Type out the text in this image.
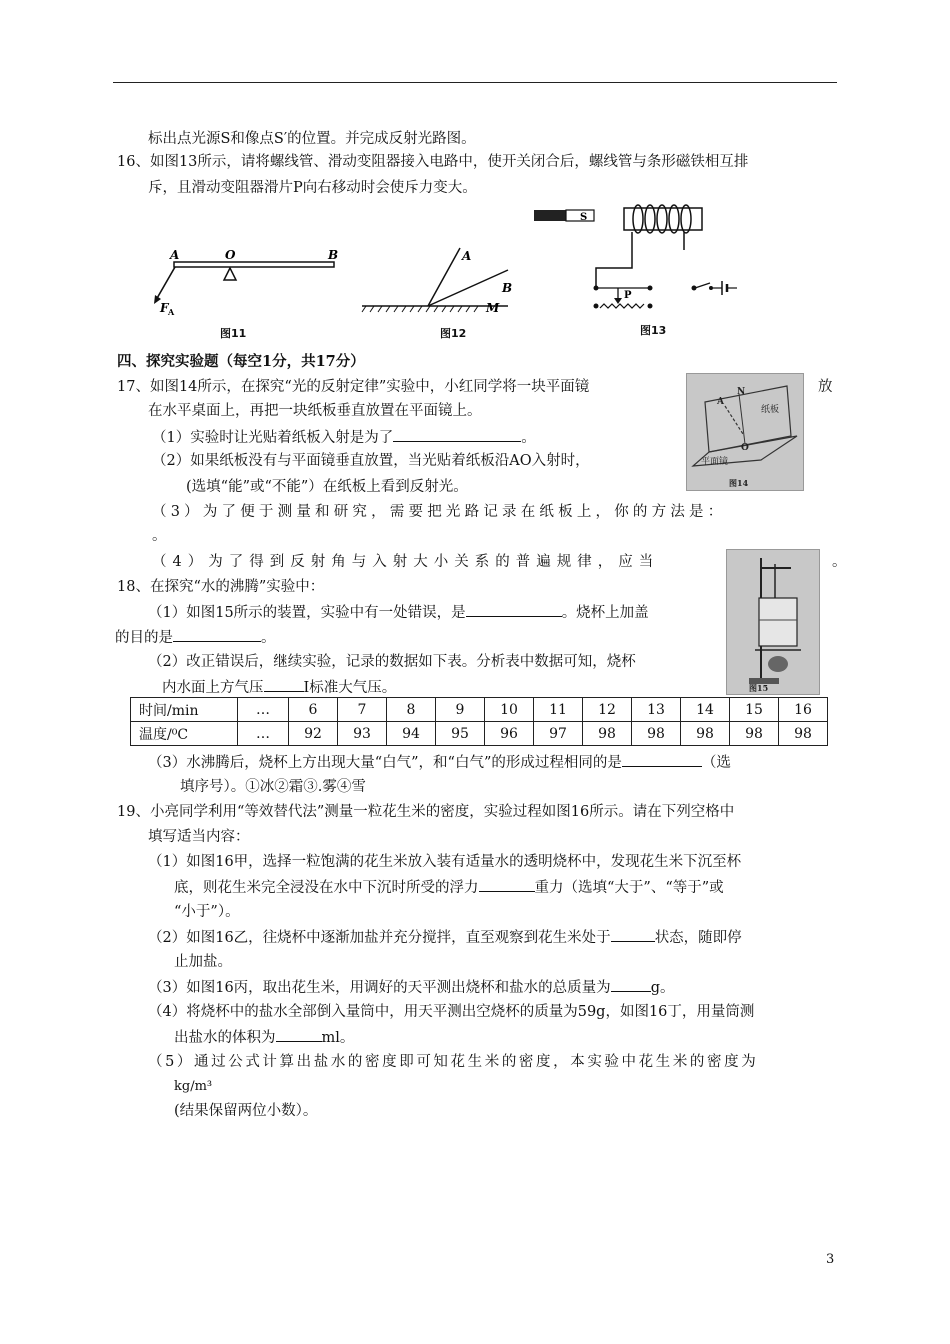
标出点光源S和像点S′的位置。并完成反射光路图。
16、如图13所示，请将螺线管、滑动变阻器接入电路中，使开关闭合后，螺线管与条形磁铁相互排
斥，且滑动变阻器滑片P向右移动时会使斥力变大。
A	O	B
F A
图11
A
B
M
图12
S
P
图13
四、探究实验题（每空1分，共17分）
17、如图14所示，在探究“光的反射定律”实验中，小红同学将一块平面镜	放
A
N
O
纸板
平面镜
图14
在水平桌面上，再把一块纸板垂直放置在平面镜上。
（1）实验时让光贴着纸板入射是为了	。
（2）如果纸板没有与平面镜垂直放置，当光贴着纸板沿AO入射时，
(选填“能”或“不能”）在纸板上看到反射光。
（3）为了便于测量和研究，需要把光路记录在纸板上，你的方法是：
。
（4）为了得到反射角与入射大小关系的普遍规律，应当	。
图15
18、在探究“水的沸腾”实验中：
（1）如图15所示的装置，实验中有一处错误，是	。烧杯上加盖
的目的是	。
（2）改正错误后，继续实验，记录的数据如下表。分析表中数据可知，烧杯
内水面上方气压	I标准大气压。
时间/min	…	6	7	8	9	10	11	12	13	14	15	16
温度/⁰C	…	92	93	94	95	96	97	98	98	98	98	98
（3）水沸腾后，烧杯上方出现大量“白气”，和“白气”的形成过程相同的是	（选
填序号）。①冰②霜③.雾④雪
19、小亮同学利用“等效替代法”测量一粒花生米的密度，实验过程如图16所示。请在下列空格中
填写适当内容：
（1）如图16甲，选择一粒饱满的花生米放入装有适量水的透明烧杯中，发现花生米下沉至杯
底，则花生米完全浸没在水中下沉时所受的浮力	重力（选填“大于”、“等于”或
“小于”）。
（2）如图16乙，往烧杯中逐渐加盐并充分搅拌，直至观察到花生米处于	状态，随即停
止加盐。
（3）如图16丙，取出花生米，用调好的天平测出烧杯和盐水的总质量为	g。
（4）将烧杯中的盐水全部倒入量筒中，用天平测出空烧杯的质量为59g，如图16丁，用量筒测
出盐水的体积为	ml。
（5）通过公式计算出盐水的密度即可知花生米的密度，本实验中花生米的密度为
kg/m³
(结果保留两位小数）。
3
